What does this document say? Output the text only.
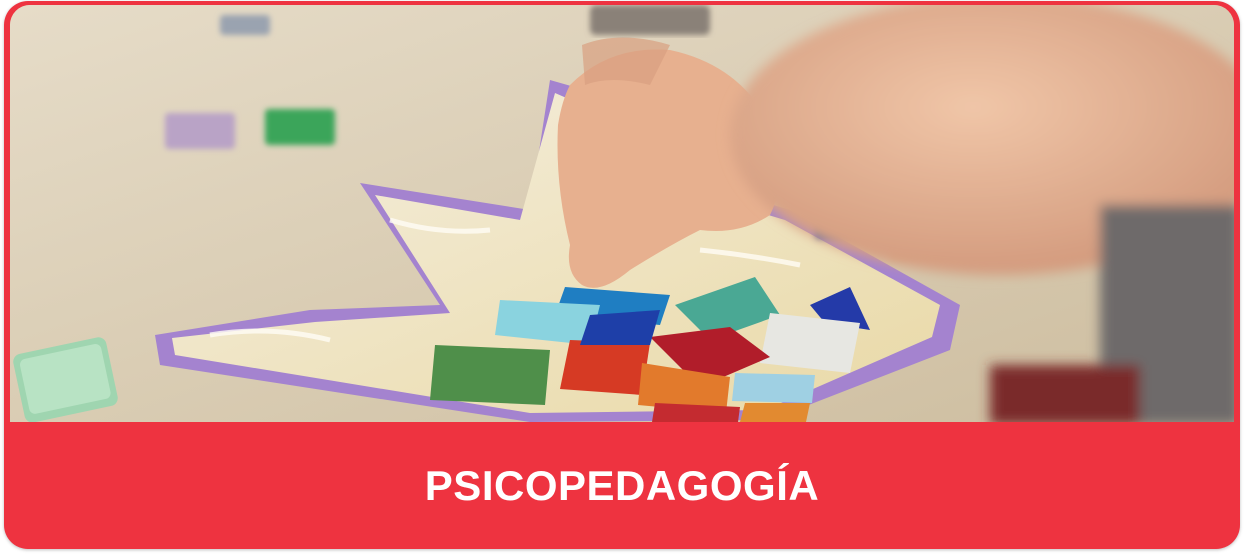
PSICOPEDAGOGÍA
